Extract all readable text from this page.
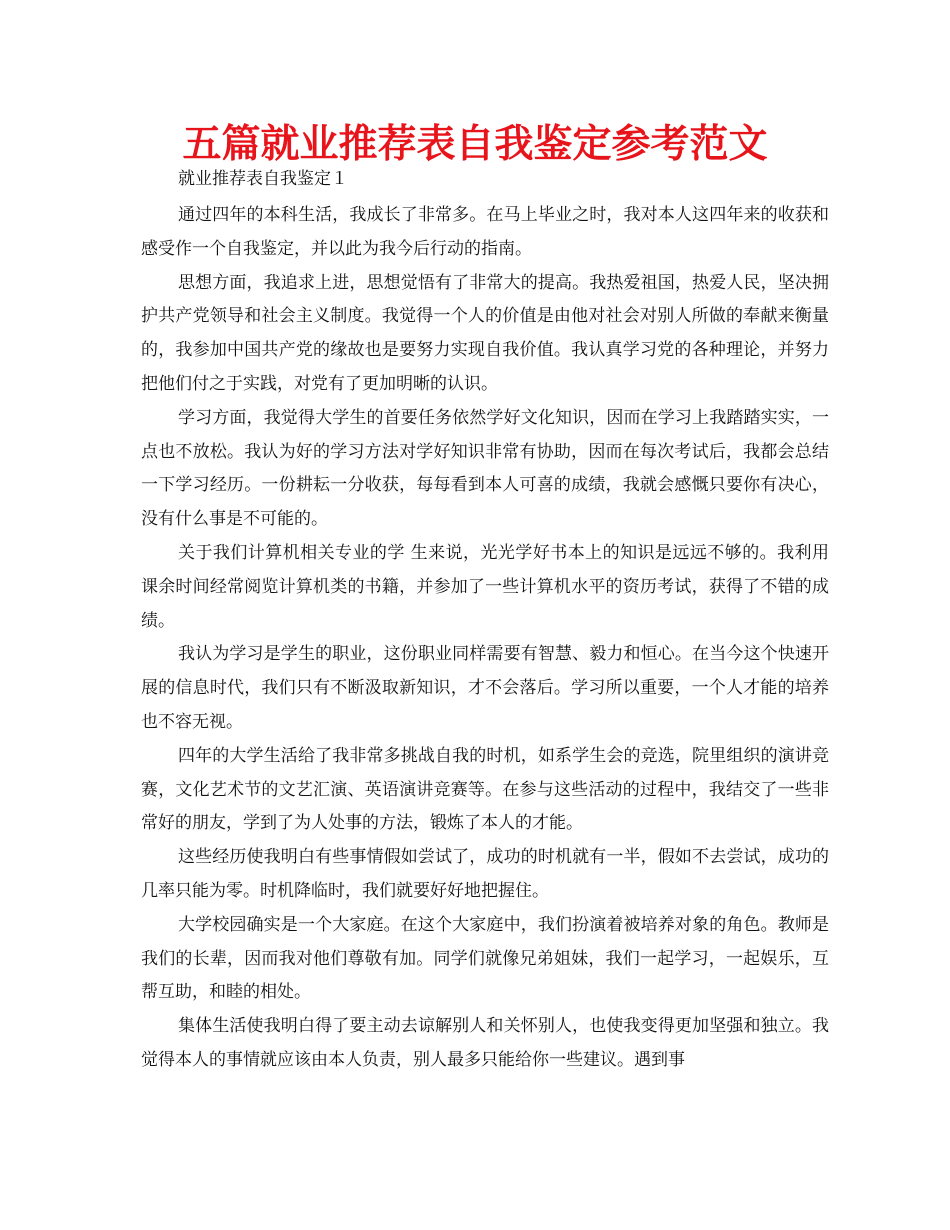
五篇就业推荐表自我鉴定参考范文

就业推荐表自我鉴定１

通过四年的本科生活，我成长了非常多。在马上毕业之时，我对本人这四年来的收获和感受作一个自我鉴定，并以此为我今后行动的指南。

思想方面，我追求上进，思想觉悟有了非常大的提高。我热爱祖国，热爱人民，坚决拥护共产党领导和社会主义制度。我觉得一个人的价值是由他对社会对别人所做的奉献来衡量的，我参加中国共产党的缘故也是要努力实现自我价值。我认真学习党的各种理论，并努力把他们付之于实践，对党有了更加明晰的认识。

学习方面，我觉得大学生的首要任务依然学好文化知识，因而在学习上我踏踏实实，一点也不放松。我认为好的学习方法对学好知识非常有协助，因而在每次考试后，我都会总结一下学习经历。一份耕耘一分收获，每每看到本人可喜的成绩，我就会感慨只要你有决心，没有什么事是不可能的。

关于我们计算机相关专业的学 生来说，光光学好书本上的知识是远远不够的。我利用课余时间经常阅览计算机类的书籍，并参加了一些计算机水平的资历考试，获得了不错的成绩。

我认为学习是学生的职业，这份职业同样需要有智慧、毅力和恒心。在当今这个快速开展的信息时代，我们只有不断汲取新知识，才不会落后。学习所以重要，一个人才能的培养也不容无视。

四年的大学生活给了我非常多挑战自我的时机，如系学生会的竞选，院里组织的演讲竞赛，文化艺术节的文艺汇演、英语演讲竞赛等。在参与这些活动的过程中，我结交了一些非常好的朋友，学到了为人处事的方法，锻炼了本人的才能。

这些经历使我明白有些事情假如尝试了，成功的时机就有一半，假如不去尝试，成功的几率只能为零。时机降临时，我们就要好好地把握住。

大学校园确实是一个大家庭。在这个大家庭中，我们扮演着被培养对象的角色。教师是我们的长辈，因而我对他们尊敬有加。同学们就像兄弟姐妹，我们一起学习，一起娱乐，互帮互助，和睦的相处。

集体生活使我明白得了要主动去谅解别人和关怀别人，也使我变得更加坚强和独立。我觉得本人的事情就应该由本人负责，别人最多只能给你一些建议。遇到事
